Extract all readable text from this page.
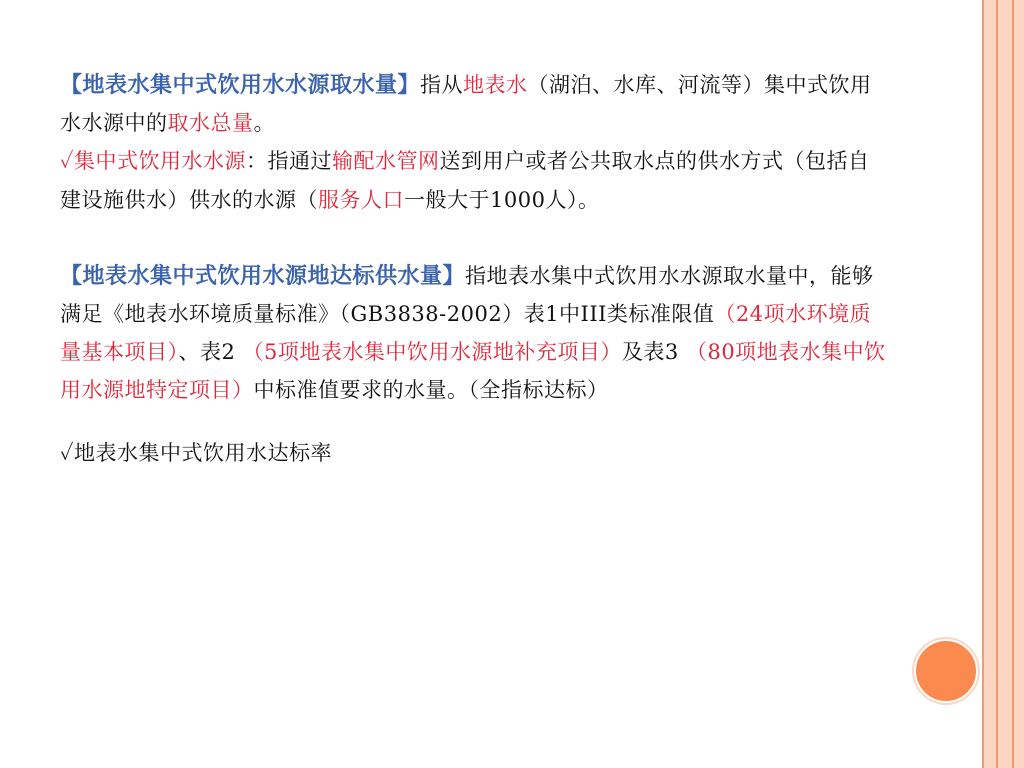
【地表水集中式饮用水水源取水量】指从地表水（湖泊、水库、河流等）集中式饮用水水源中的取水总量。

✓集中式饮用水水源：指通过输配水管网送到用户或者公共取水点的供水方式（包括自建设施供水）供水的水源（服务人口一般大于1000人）。

【地表水集中式饮用水源地达标供水量】指地表水集中式饮用水水源取水量中，能够满足《地表水环境质量标准》（GB3838-2002）表1中III类标准限值（24项水环境质量基本项目）、表2 （5项地表水集中饮用水源地补充项目）及表3 （80项地表水集中饮用水源地特定项目）中标准值要求的水量。（全指标达标）

✓地表水集中式饮用水达标率
